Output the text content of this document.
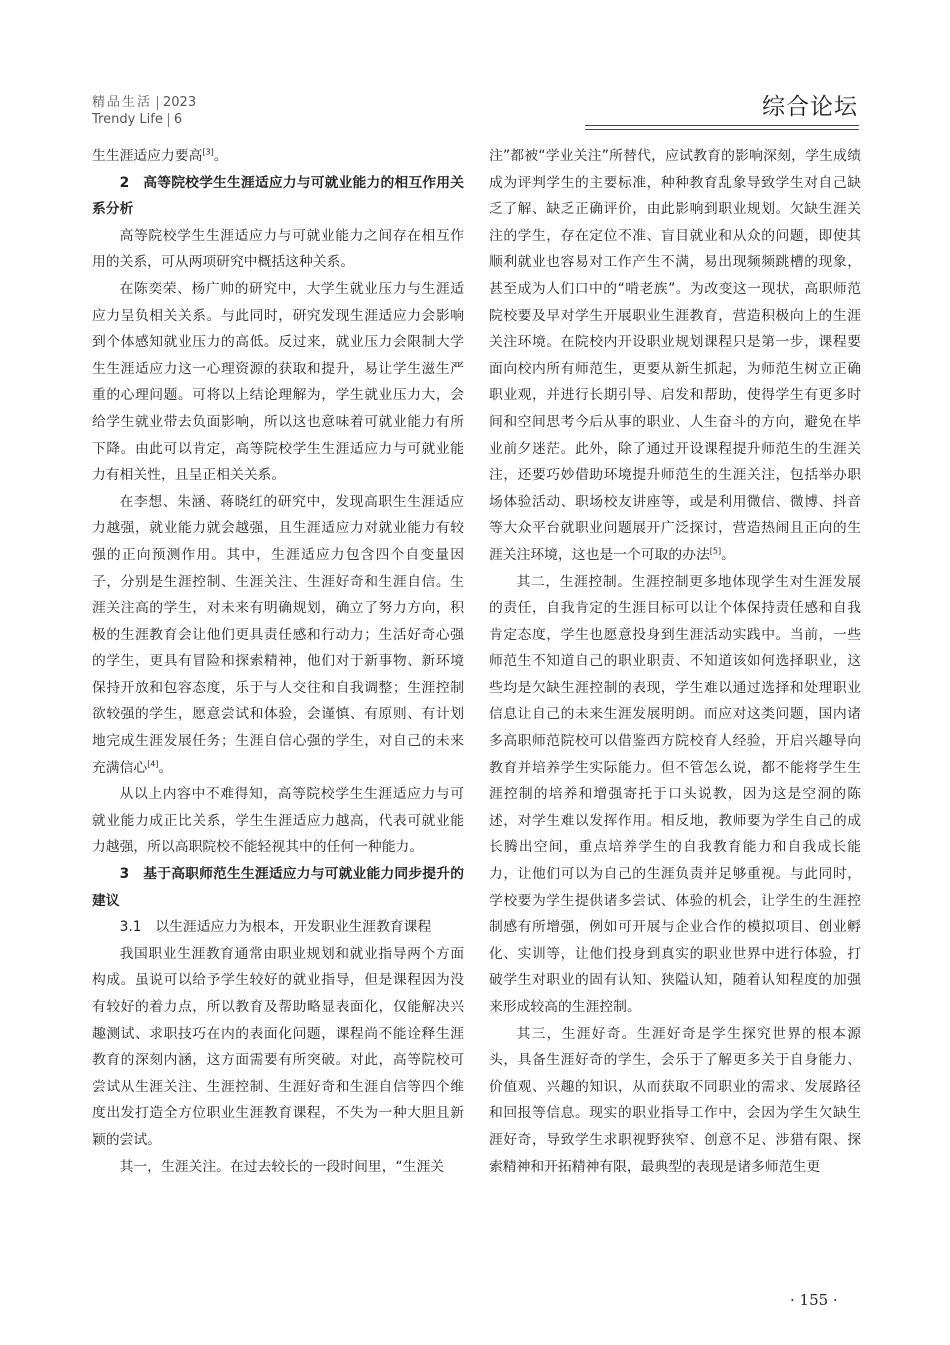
精品生活 2023
Trendy Life 6	综合论坛

生生涯适应力要高[3]。

2　高等院校学生生涯适应力与可就业能力的相互作用关系分析

高等院校学生生涯适应力与可就业能力之间存在相互作用的关系，可从两项研究中概括这种关系。

在陈奕荣、杨广帅的研究中，大学生就业压力与生涯适应力呈负相关关系。与此同时，研究发现生涯适应力会影响到个体感知就业压力的高低。反过来，就业压力会限制大学生生涯适应力这一心理资源的获取和提升，易让学生滋生严重的心理问题。可将以上结论理解为，学生就业压力大，会给学生就业带去负面影响，所以这也意味着可就业能力有所下降。由此可以肯定，高等院校学生生涯适应力与可就业能力有相关性，且呈正相关关系。

在李想、朱涵、蒋晓红的研究中，发现高职生生涯适应力越强，就业能力就会越强，且生涯适应力对就业能力有较强的正向预测作用。其中，生涯适应力包含四个自变量因子，分别是生涯控制、生涯关注、生涯好奇和生涯自信。生涯关注高的学生，对未来有明确规划，确立了努力方向，积极的生涯教育会让他们更具责任感和行动力；生活好奇心强的学生，更具有冒险和探索精神，他们对于新事物、新环境保持开放和包容态度，乐于与人交往和自我调整；生涯控制欲较强的学生，愿意尝试和体验，会谨慎、有原则、有计划地完成生涯发展任务；生涯自信心强的学生，对自己的未来充满信心[4]。

从以上内容中不难得知，高等院校学生生涯适应力与可就业能力成正比关系，学生生涯适应力越高，代表可就业能力越强，所以高职院校不能轻视其中的任何一种能力。

3　基于高职师范生生涯适应力与可就业能力同步提升的建议

3.1　以生涯适应力为根本，开发职业生涯教育课程

我国职业生涯教育通常由职业规划和就业指导两个方面构成。虽说可以给予学生较好的就业指导，但是课程因为没有较好的着力点，所以教育及帮助略显表面化，仅能解决兴趣测试、求职技巧在内的表面化问题，课程尚不能诠释生涯教育的深刻内涵，这方面需要有所突破。对此，高等院校可尝试从生涯关注、生涯控制、生涯好奇和生涯自信等四个维度出发打造全方位职业生涯教育课程，不失为一种大胆且新颖的尝试。

其一，生涯关注。在过去较长的一段时间里，“生涯关

注”都被“学业关注”所替代，应试教育的影响深刻，学生成绩成为评判学生的主要标准，种种教育乱象导致学生对自己缺乏了解、缺乏正确评价，由此影响到职业规划。欠缺生涯关注的学生，存在定位不准、盲目就业和从众的问题，即使其顺利就业也容易对工作产生不满，易出现频频跳槽的现象，甚至成为人们口中的“啃老族”。为改变这一现状，高职师范院校要及早对学生开展职业生涯教育，营造积极向上的生涯关注环境。在院校内开设职业规划课程只是第一步，课程要面向校内所有师范生，更要从新生抓起，为师范生树立正确职业观，并进行长期引导、启发和帮助，使得学生有更多时间和空间思考今后从事的职业、人生奋斗的方向，避免在毕业前夕迷茫。此外，除了通过开设课程提升师范生的生涯关注，还要巧妙借助环境提升师范生的生涯关注，包括举办职场体验活动、职场校友讲座等，或是利用微信、微博、抖音等大众平台就职业问题展开广泛探讨，营造热闹且正向的生涯关注环境，这也是一个可取的办法[5]。

其二，生涯控制。生涯控制更多地体现学生对生涯发展的责任，自我肯定的生涯目标可以让个体保持责任感和自我肯定态度，学生也愿意投身到生涯活动实践中。当前，一些师范生不知道自己的职业职责、不知道该如何选择职业，这些均是欠缺生涯控制的表现，学生难以通过选择和处理职业信息让自己的未来生涯发展明朗。而应对这类问题，国内诸多高职师范院校可以借鉴西方院校育人经验，开启兴趣导向教育并培养学生实际能力。但不管怎么说，都不能将学生生涯控制的培养和增强寄托于口头说教，因为这是空洞的陈述，对学生难以发挥作用。相反地，教师要为学生自己的成长腾出空间，重点培养学生的自我教育能力和自我成长能力，让他们可以为自己的生涯负责并足够重视。与此同时，学校要为学生提供诸多尝试、体验的机会，让学生的生涯控制感有所增强，例如可开展与企业合作的模拟项目、创业孵化、实训等，让他们投身到真实的职业世界中进行体验，打破学生对职业的固有认知、狭隘认知，随着认知程度的加强来形成较高的生涯控制。

其三，生涯好奇。生涯好奇是学生探究世界的根本源头，具备生涯好奇的学生，会乐于了解更多关于自身能力、价值观、兴趣的知识，从而获取不同职业的需求、发展路径和回报等信息。现实的职业指导工作中，会因为学生欠缺生涯好奇，导致学生求职视野狭窄、创意不足、涉猎有限、探索精神和开拓精神有限，最典型的表现是诸多师范生更

· 155 ·
